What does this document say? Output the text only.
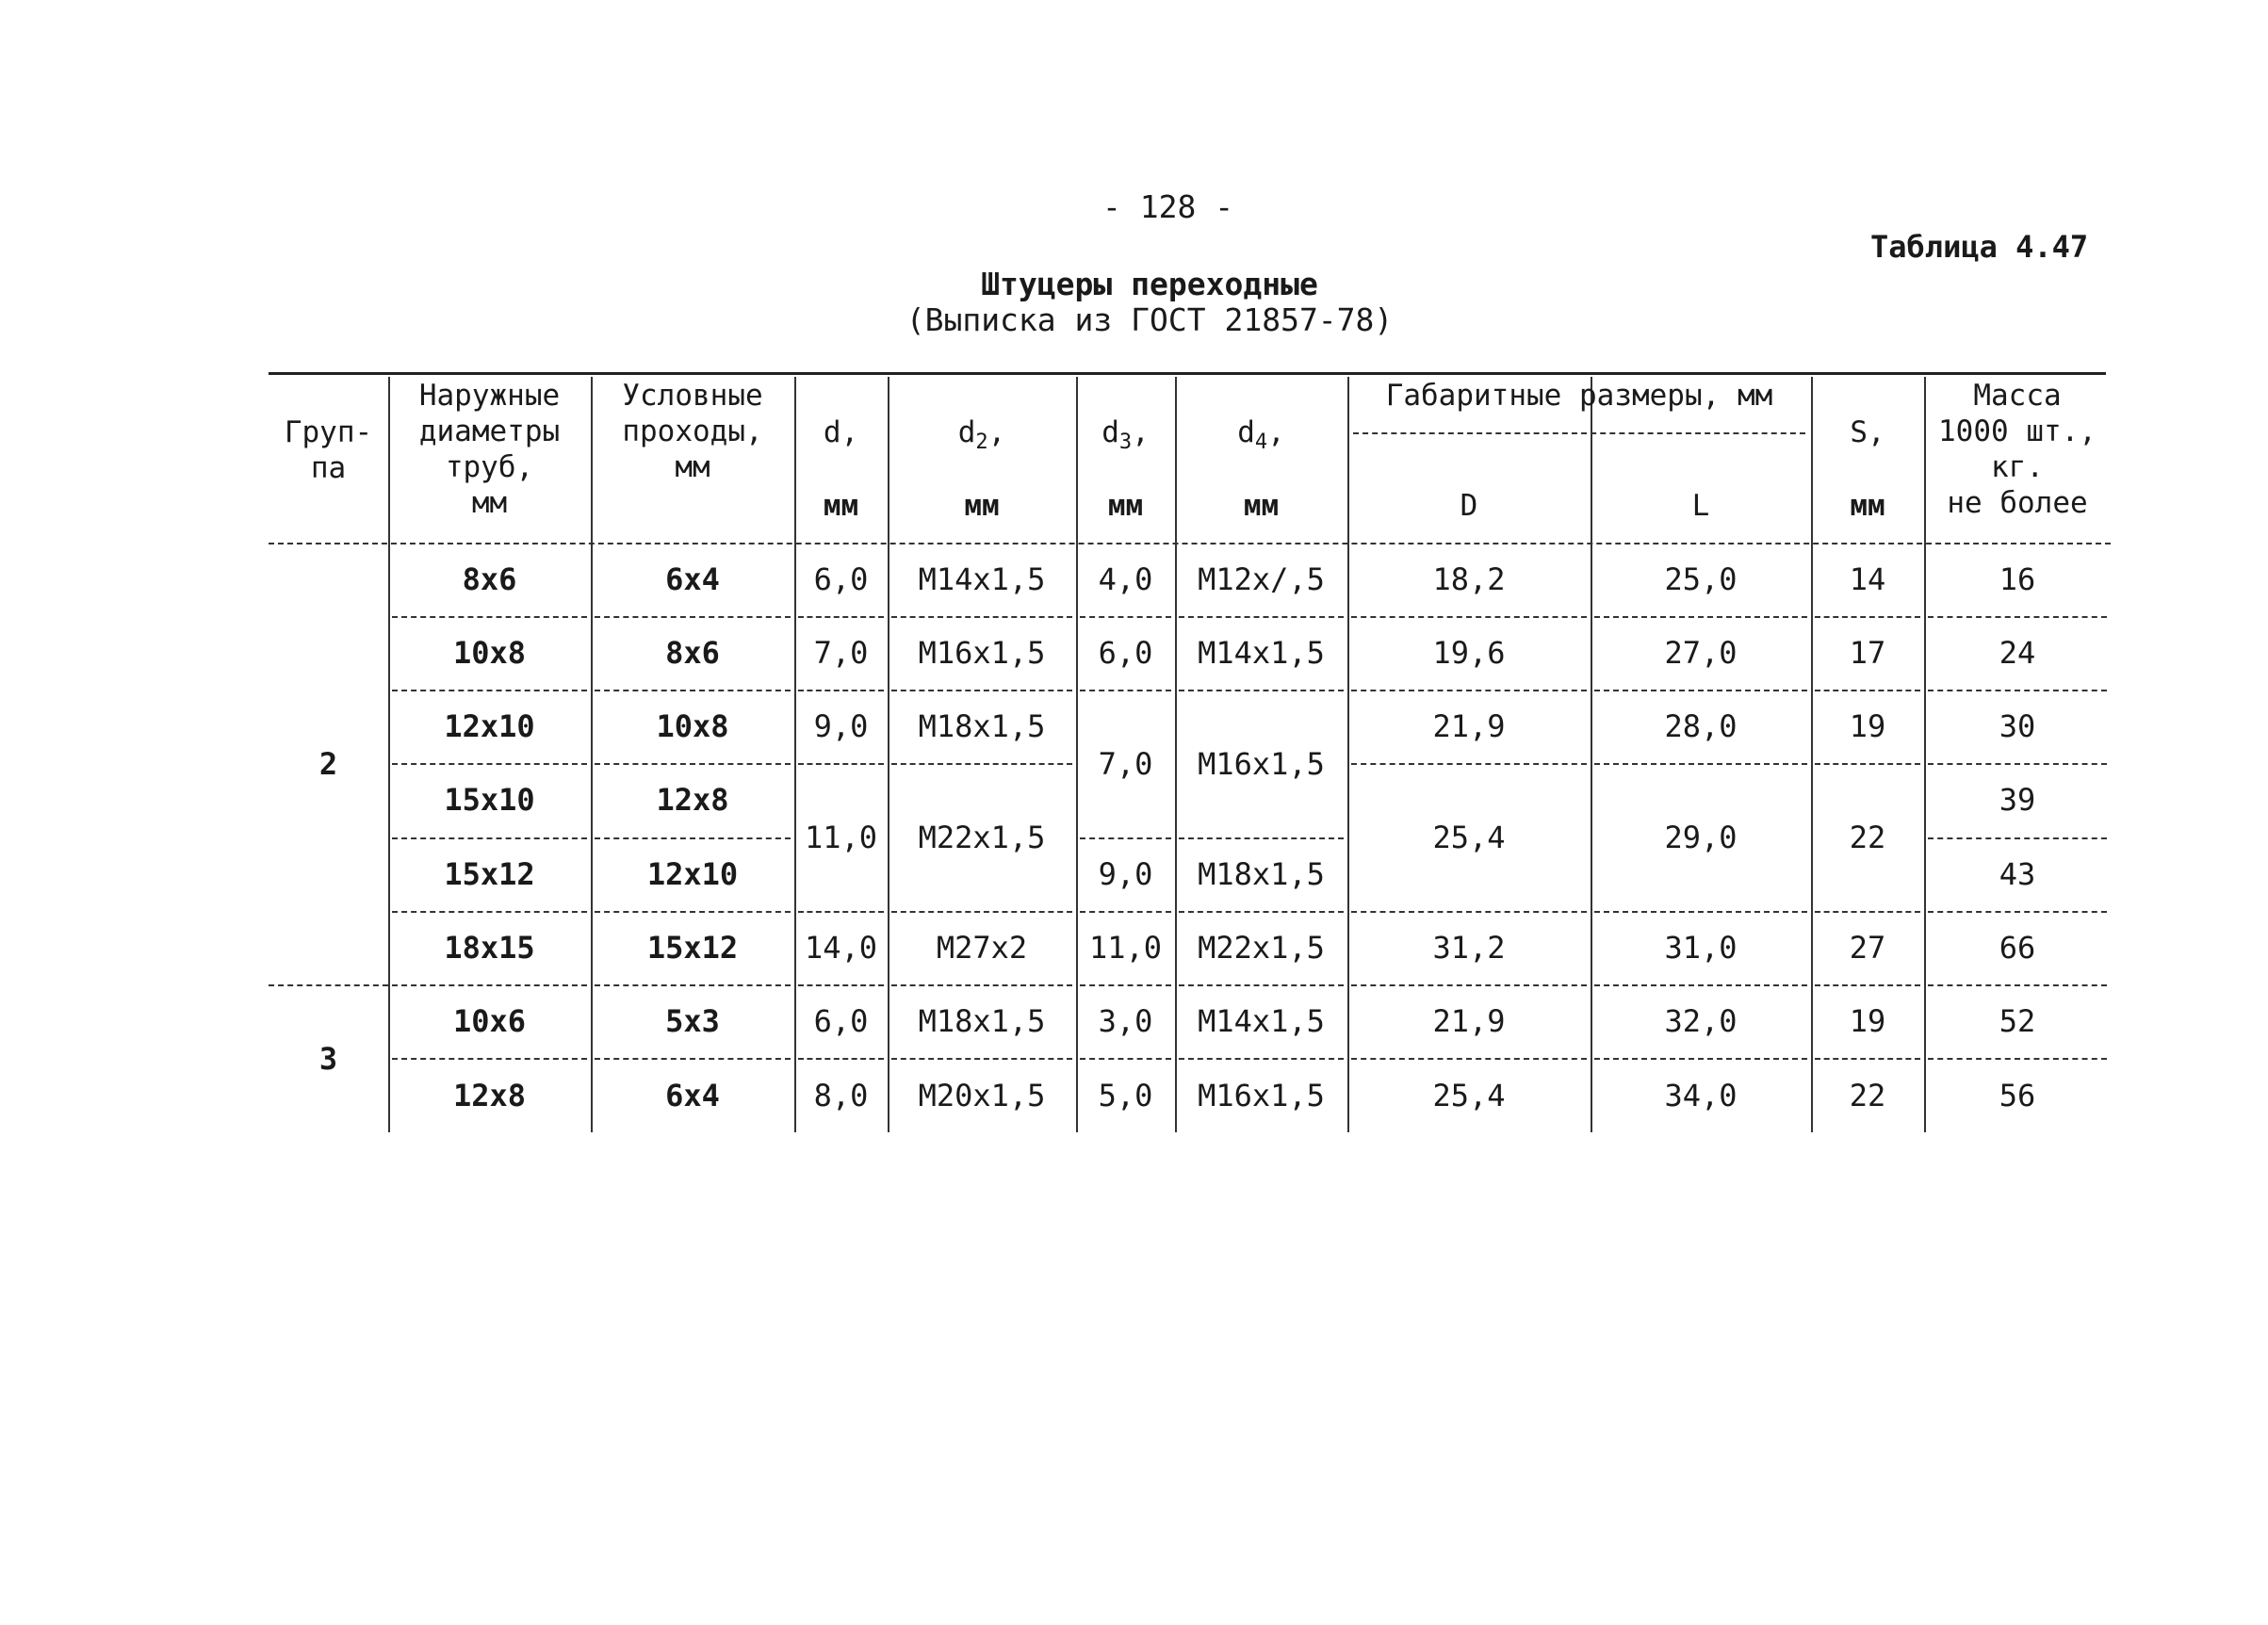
- 128 -
Таблица 4.47
Штуцеры переходные
(Выписка из ГОСТ 21857-78)
Груп-
па
Наружные
диаметры
труб,
мм
Условные
проходы,
мм
d,
мм
$d_2$,
мм
$d_3$,
мм
$d_4$,
мм
S,
мм
Масса
1000 шт.,
кг.
не более
Габаритные размеры, мм
D	L
2
3
8x6
10x8
12x10
15x10
15x12
18x15
10x6
12x8
6x4
8x6
10x8
12x8
12x10
15x12
5x3
6x4
6,0
7,0
9,0
11,0
14,0
6,0
8,0
M14x1,5
M16x1,5
M18x1,5
M22x1,5
M27x2
M18x1,5
M20x1,5
4,0
6,0
7,0
9,0
11,0
3,0
5,0
M12x/,5
M14x1,5
M16x1,5
M18x1,5
M22x1,5
M14x1,5
M16x1,5
18,2
19,6
21,9
25,4
31,2
21,9
25,4
25,0
27,0
28,0
29,0
31,0
32,0
34,0
14
17
19
22
27
19
22
16
24
30
39
43
66
52
56
